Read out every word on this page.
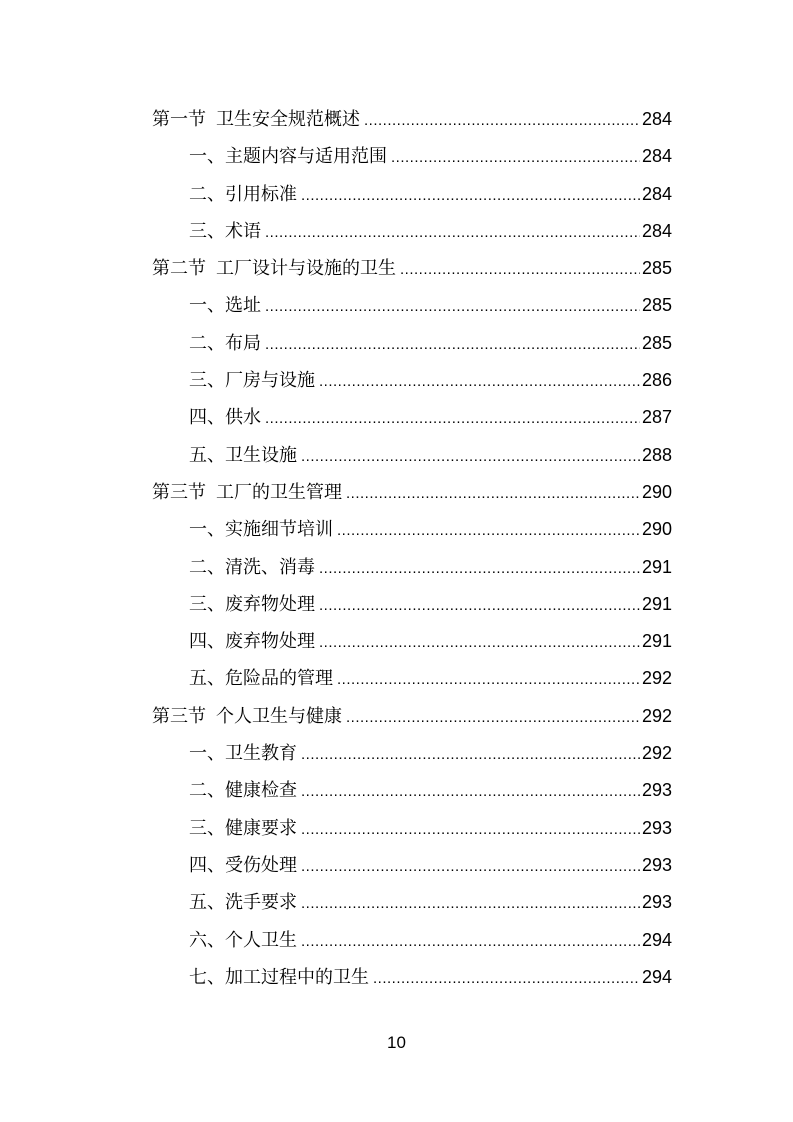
第一节 卫生安全规范概述 .....	284
一、主题内容与适用范围 .....	284
二、引用标准 .....	284
三、术语 .....	284
第二节 工厂设计与设施的卫生 .....	285
一、选址 .....	285
二、布局 .....	285
三、厂房与设施 .....	286
四、供水 .....	287
五、卫生设施 .....	288
第三节 工厂的卫生管理 .....	290
一、实施细节培训 .....	290
二、清洗、消毒 .....	291
三、废弃物处理 .....	291
四、废弃物处理 .....	291
五、危险品的管理 .....	292
第三节 个人卫生与健康 .....	292
一、卫生教育 .....	292
二、健康检查 .....	293
三、健康要求 .....	293
四、受伤处理 .....	293
五、洗手要求 .....	293
六、个人卫生 .....	294
七、加工过程中的卫生 .....	294
10
